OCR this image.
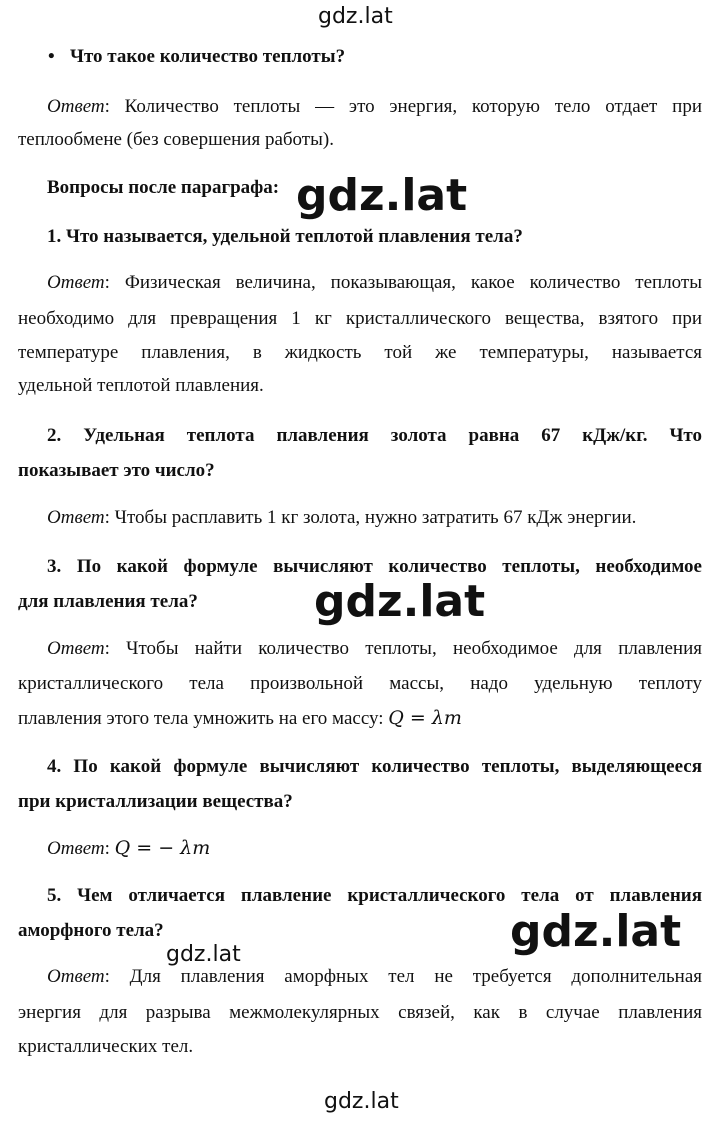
gdz.lat
• Что такое количество теплоты?
Ответ: Количество теплоты — это энергия, которую тело отдает при
теплообмене (без совершения работы).
Вопросы после параграфа: gdz.lat
1. Что называется, удельной теплотой плавления тела?
Ответ: Физическая величина, показывающая, какое количество теплоты
необходимо для превращения 1 кг кристаллического вещества, взятого при
температуре плавления, в жидкость той же температуры, называется
удельной теплотой плавления.
2. Удельная теплота плавления золота равна 67 кДж/кг. Что
показывает это число?
Ответ: Чтобы расплавить 1 кг золота, нужно затратить 67 кДж энергии.
3. По какой формуле вычисляют количество теплоты, необходимое
для плавления тела?	gdz.lat
Ответ: Чтобы найти количество теплоты, необходимое для плавления
кристаллического тела произвольной массы, надо удельную теплоту
плавления этого тела умножить на его массу: Q = λm
4. По какой формуле вычисляют количество теплоты, выделяющееся
при кристаллизации вещества?
Ответ: Q = − λm
5. Чем отличается плавление кристаллического тела от плавления
аморфного тела?	gdz.lat
gdz.lat
Ответ: Для плавления аморфных тел не требуется дополнительная
энергия для разрыва межмолекулярных связей, как в случае плавления
кристаллических тел.
gdz.lat
